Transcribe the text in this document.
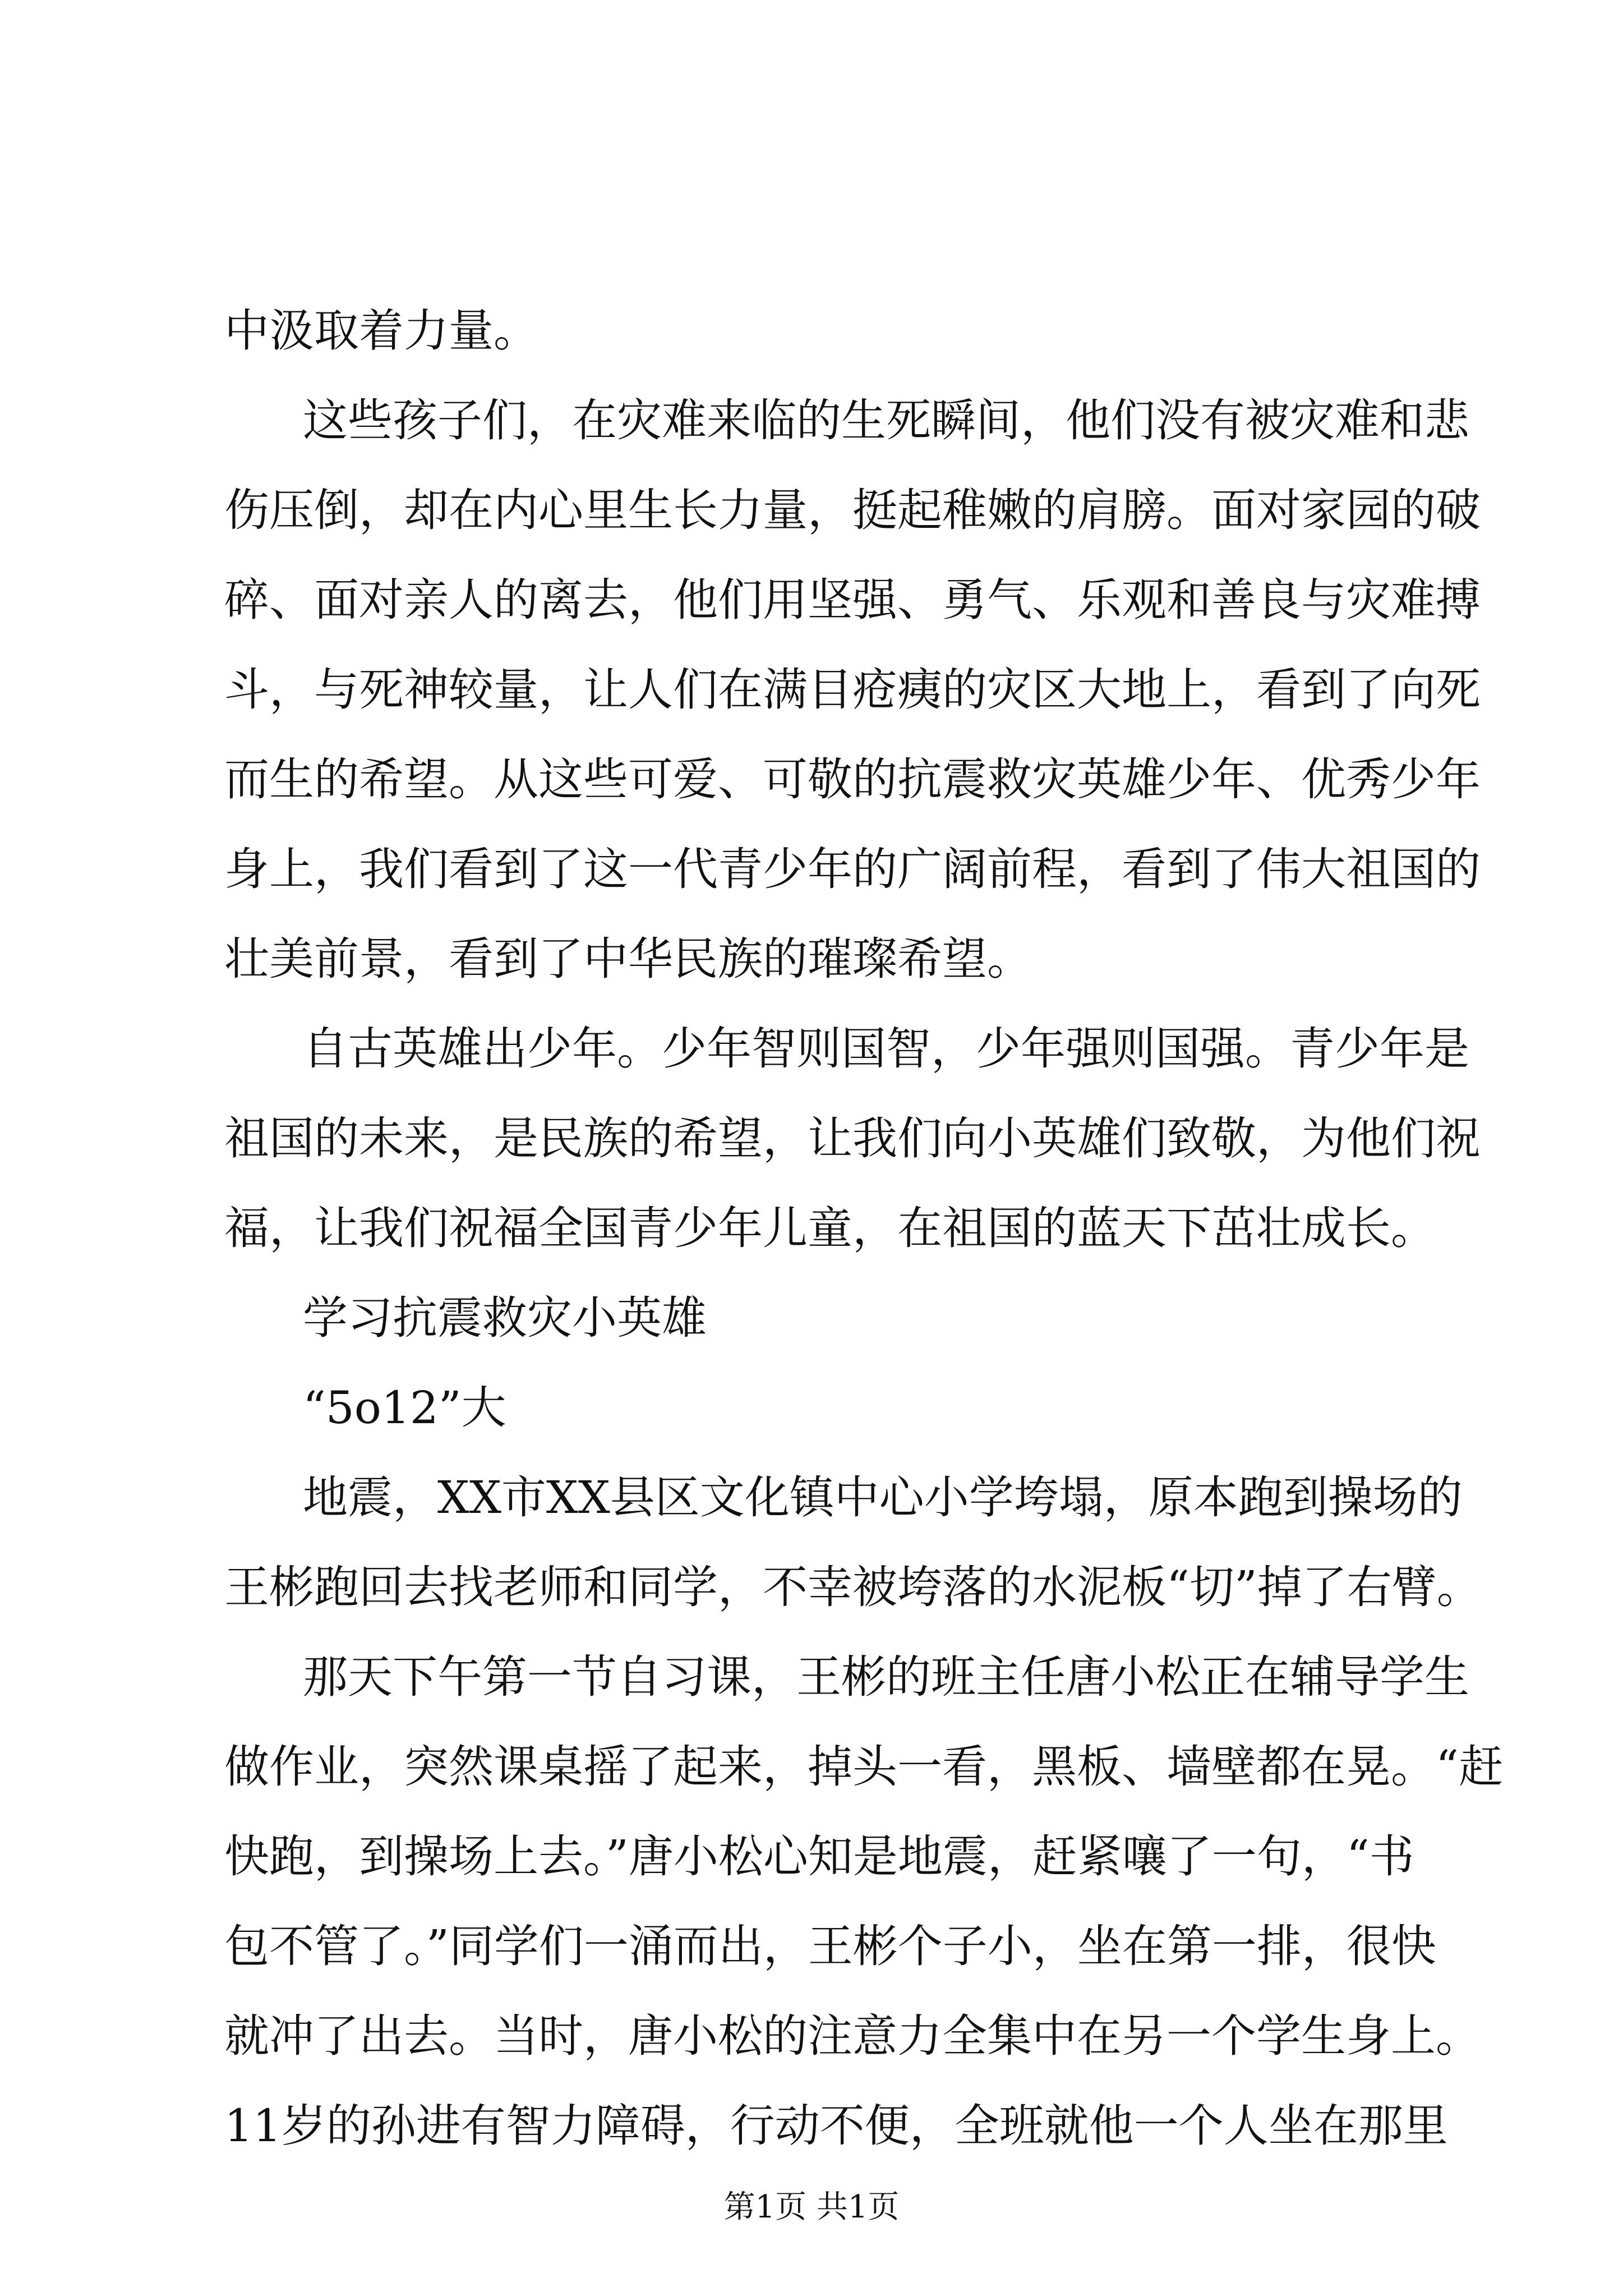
中汲取着力量。
这些孩子们，在灾难来临的生死瞬间，他们没有被灾难和悲
伤压倒，却在内心里生长力量，挺起稚嫩的肩膀。面对家园的破
碎、面对亲人的离去，他们用坚强、勇气、乐观和善良与灾难搏
斗，与死神较量，让人们在满目疮痍的灾区大地上，看到了向死
而生的希望。从这些可爱、可敬的抗震救灾英雄少年、优秀少年
身上，我们看到了这一代青少年的广阔前程，看到了伟大祖国的
壮美前景，看到了中华民族的璀璨希望。
自古英雄出少年。少年智则国智，少年强则国强。青少年是
祖国的未来，是民族的希望，让我们向小英雄们致敬，为他们祝
福，让我们祝福全国青少年儿童，在祖国的蓝天下茁壮成长。
学习抗震救灾小英雄
“5o12”大
地震，XX市XX县区文化镇中心小学垮塌，原本跑到操场的
王彬跑回去找老师和同学，不幸被垮落的水泥板“切”掉了右臂。
那天下午第一节自习课，王彬的班主任唐小松正在辅导学生
做作业，突然课桌摇了起来，掉头一看，黑板、墙壁都在晃。“赶
快跑，到操场上去。”唐小松心知是地震，赶紧嚷了一句，“书
包不管了。”同学们一涌而出，王彬个子小，坐在第一排，很快
就冲了出去。当时，唐小松的注意力全集中在另一个学生身上。
11岁的孙进有智力障碍，行动不便，全班就他一个人坐在那里
第1页 共1页
